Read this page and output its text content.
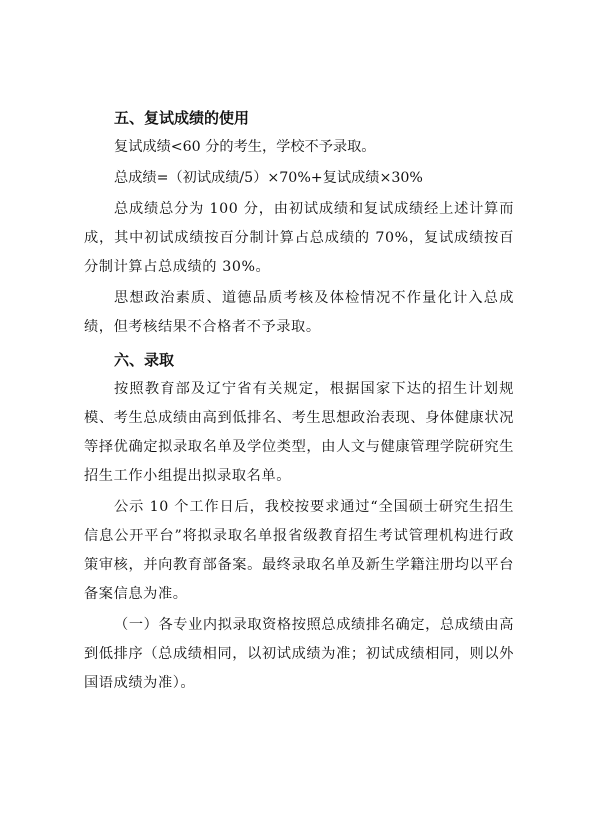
五、复试成绩的使用

复试成绩<60 分的考生，学校不予录取。

总成绩=（初试成绩/5）×70%+复试成绩×30%

总成绩总分为 100 分，由初试成绩和复试成绩经上述计算而成，其中初试成绩按百分制计算占总成绩的 70%，复试成绩按百分制计算占总成绩的 30%。

思想政治素质、道德品质考核及体检情况不作量化计入总成绩，但考核结果不合格者不予录取。

六、录取

按照教育部及辽宁省有关规定，根据国家下达的招生计划规模、考生总成绩由高到低排名、考生思想政治表现、身体健康状况等择优确定拟录取名单及学位类型，由人文与健康管理学院研究生招生工作小组提出拟录取名单。

公示 10 个工作日后，我校按要求通过“全国硕士研究生招生信息公开平台”将拟录取名单报省级教育招生考试管理机构进行政策审核，并向教育部备案。最终录取名单及新生学籍注册均以平台备案信息为准。

（一）各专业内拟录取资格按照总成绩排名确定，总成绩由高到低排序（总成绩相同，以初试成绩为准；初试成绩相同，则以外国语成绩为准）。
